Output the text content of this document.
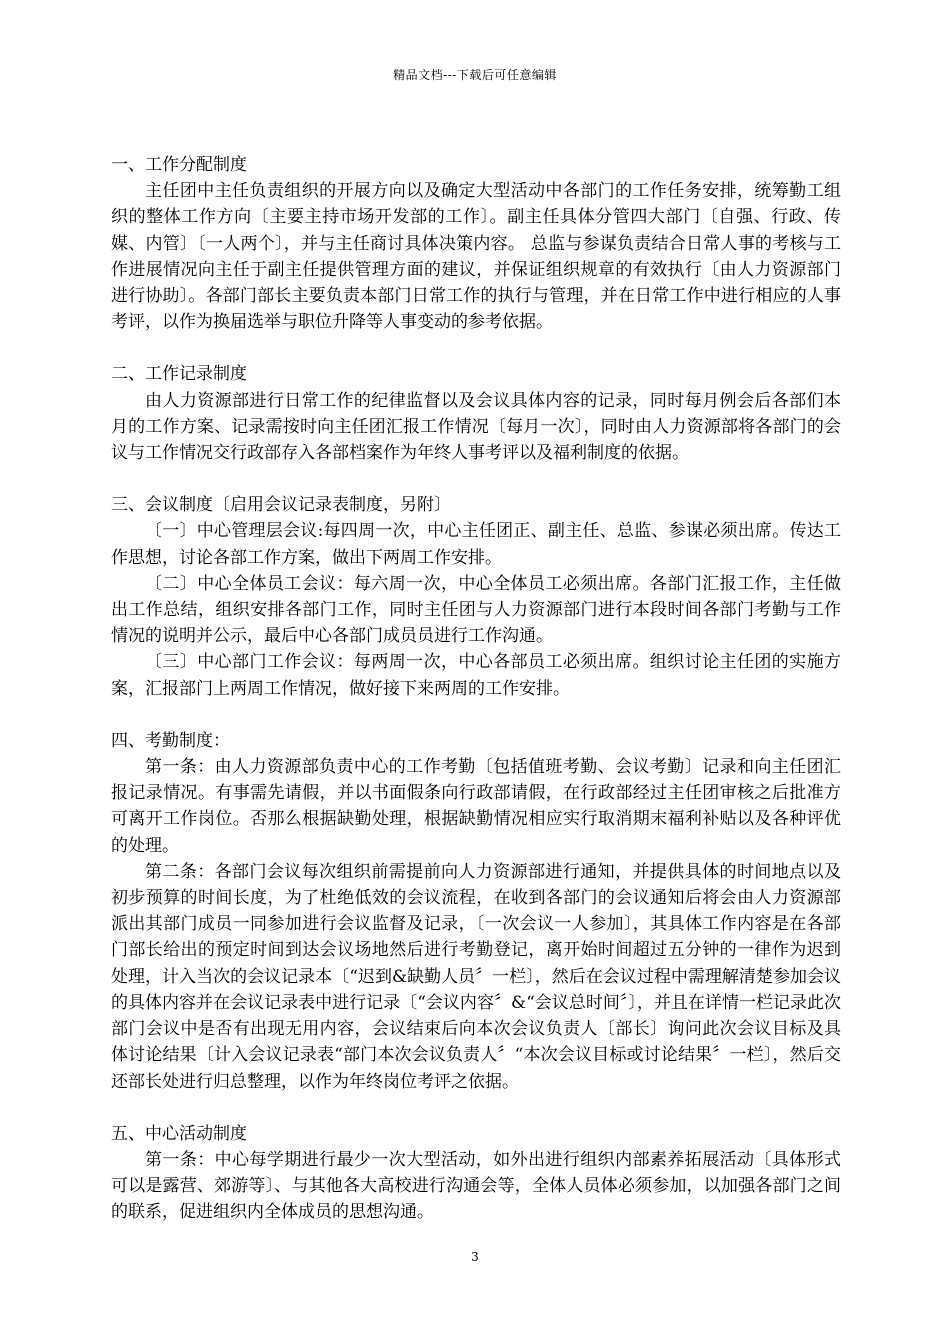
精品文档---下载后可任意编辑
一、工作分配制度

主任团中主任负责组织的开展方向以及确定大型活动中各部门的工作任务安排，统筹勤工组织的整体工作方向〔主要主持市场开发部的工作〕。副主任具体分管四大部门〔自强、行政、传媒、内管〕〔一人两个〕，并与主任商讨具体决策内容。 总监与参谋负责结合日常人事的考核与工作进展情况向主任于副主任提供管理方面的建议，并保证组织规章的有效执行〔由人力资源部门进行协助〕。各部门部长主要负责本部门日常工作的执行与管理，并在日常工作中进行相应的人事考评，以作为换届选举与职位升降等人事变动的参考依据。

二、工作记录制度

由人力资源部进行日常工作的纪律监督以及会议具体内容的记录，同时每月例会后各部们本月的工作方案、记录需按时向主任团汇报工作情况〔每月一次〕，同时由人力资源部将各部门的会议与工作情况交行政部存入各部档案作为年终人事考评以及福利制度的依据。

三、会议制度〔启用会议记录表制度，另附〕

〔一〕中心管理层会议:每四周一次，中心主任团正、副主任、总监、参谋必须出席。传达工作思想，讨论各部工作方案，做出下两周工作安排。

〔二〕中心全体员工会议：每六周一次，中心全体员工必须出席。各部门汇报工作，主任做出工作总结，组织安排各部门工作，同时主任团与人力资源部门进行本段时间各部门考勤与工作情况的说明并公示，最后中心各部门成员员进行工作沟通。

〔三〕中心部门工作会议：每两周一次，中心各部员工必须出席。组织讨论主任团的实施方案，汇报部门上两周工作情况，做好接下来两周的工作安排。

四、考勤制度：

第一条：由人力资源部负责中心的工作考勤〔包括值班考勤、会议考勤〕记录和向主任团汇报记录情况。有事需先请假，并以书面假条向行政部请假，在行政部经过主任团审核之后批准方可离开工作岗位。否那么根据缺勤处理，根据缺勤情况相应实行取消期末福利补贴以及各种评优的处理。

第二条：各部门会议每次组织前需提前向人力资源部进行通知，并提供具体的时间地点以及初步预算的时间长度，为了杜绝低效的会议流程，在收到各部门的会议通知后将会由人力资源部派出其部门成员一同参加进行会议监督及记录，〔一次会议一人参加〕，其具体工作内容是在各部门部长给出的预定时间到达会议场地然后进行考勤登记，离开始时间超过五分钟的一律作为迟到处理，计入当次的会议记录本〔“迟到&缺勤人员〞一栏〕，然后在会议过程中需理解清楚参加会议的具体内容并在会议记录表中进行记录〔“会议内容〞&“会议总时间〞〕，并且在详情一栏记录此次部门会议中是否有出现无用内容，会议结束后向本次会议负责人〔部长〕询问此次会议目标及具体讨论结果〔计入会议记录表“部门本次会议负责人〞“本次会议目标或讨论结果〞一栏〕，然后交还部长处进行归总整理，以作为年终岗位考评之依据。

五、中心活动制度

第一条：中心每学期进行最少一次大型活动，如外出进行组织内部素养拓展活动〔具体形式可以是露营、郊游等〕、与其他各大高校进行沟通会等，全体人员体必须参加，以加强各部门之间的联系，促进组织内全体成员的思想沟通。

3
